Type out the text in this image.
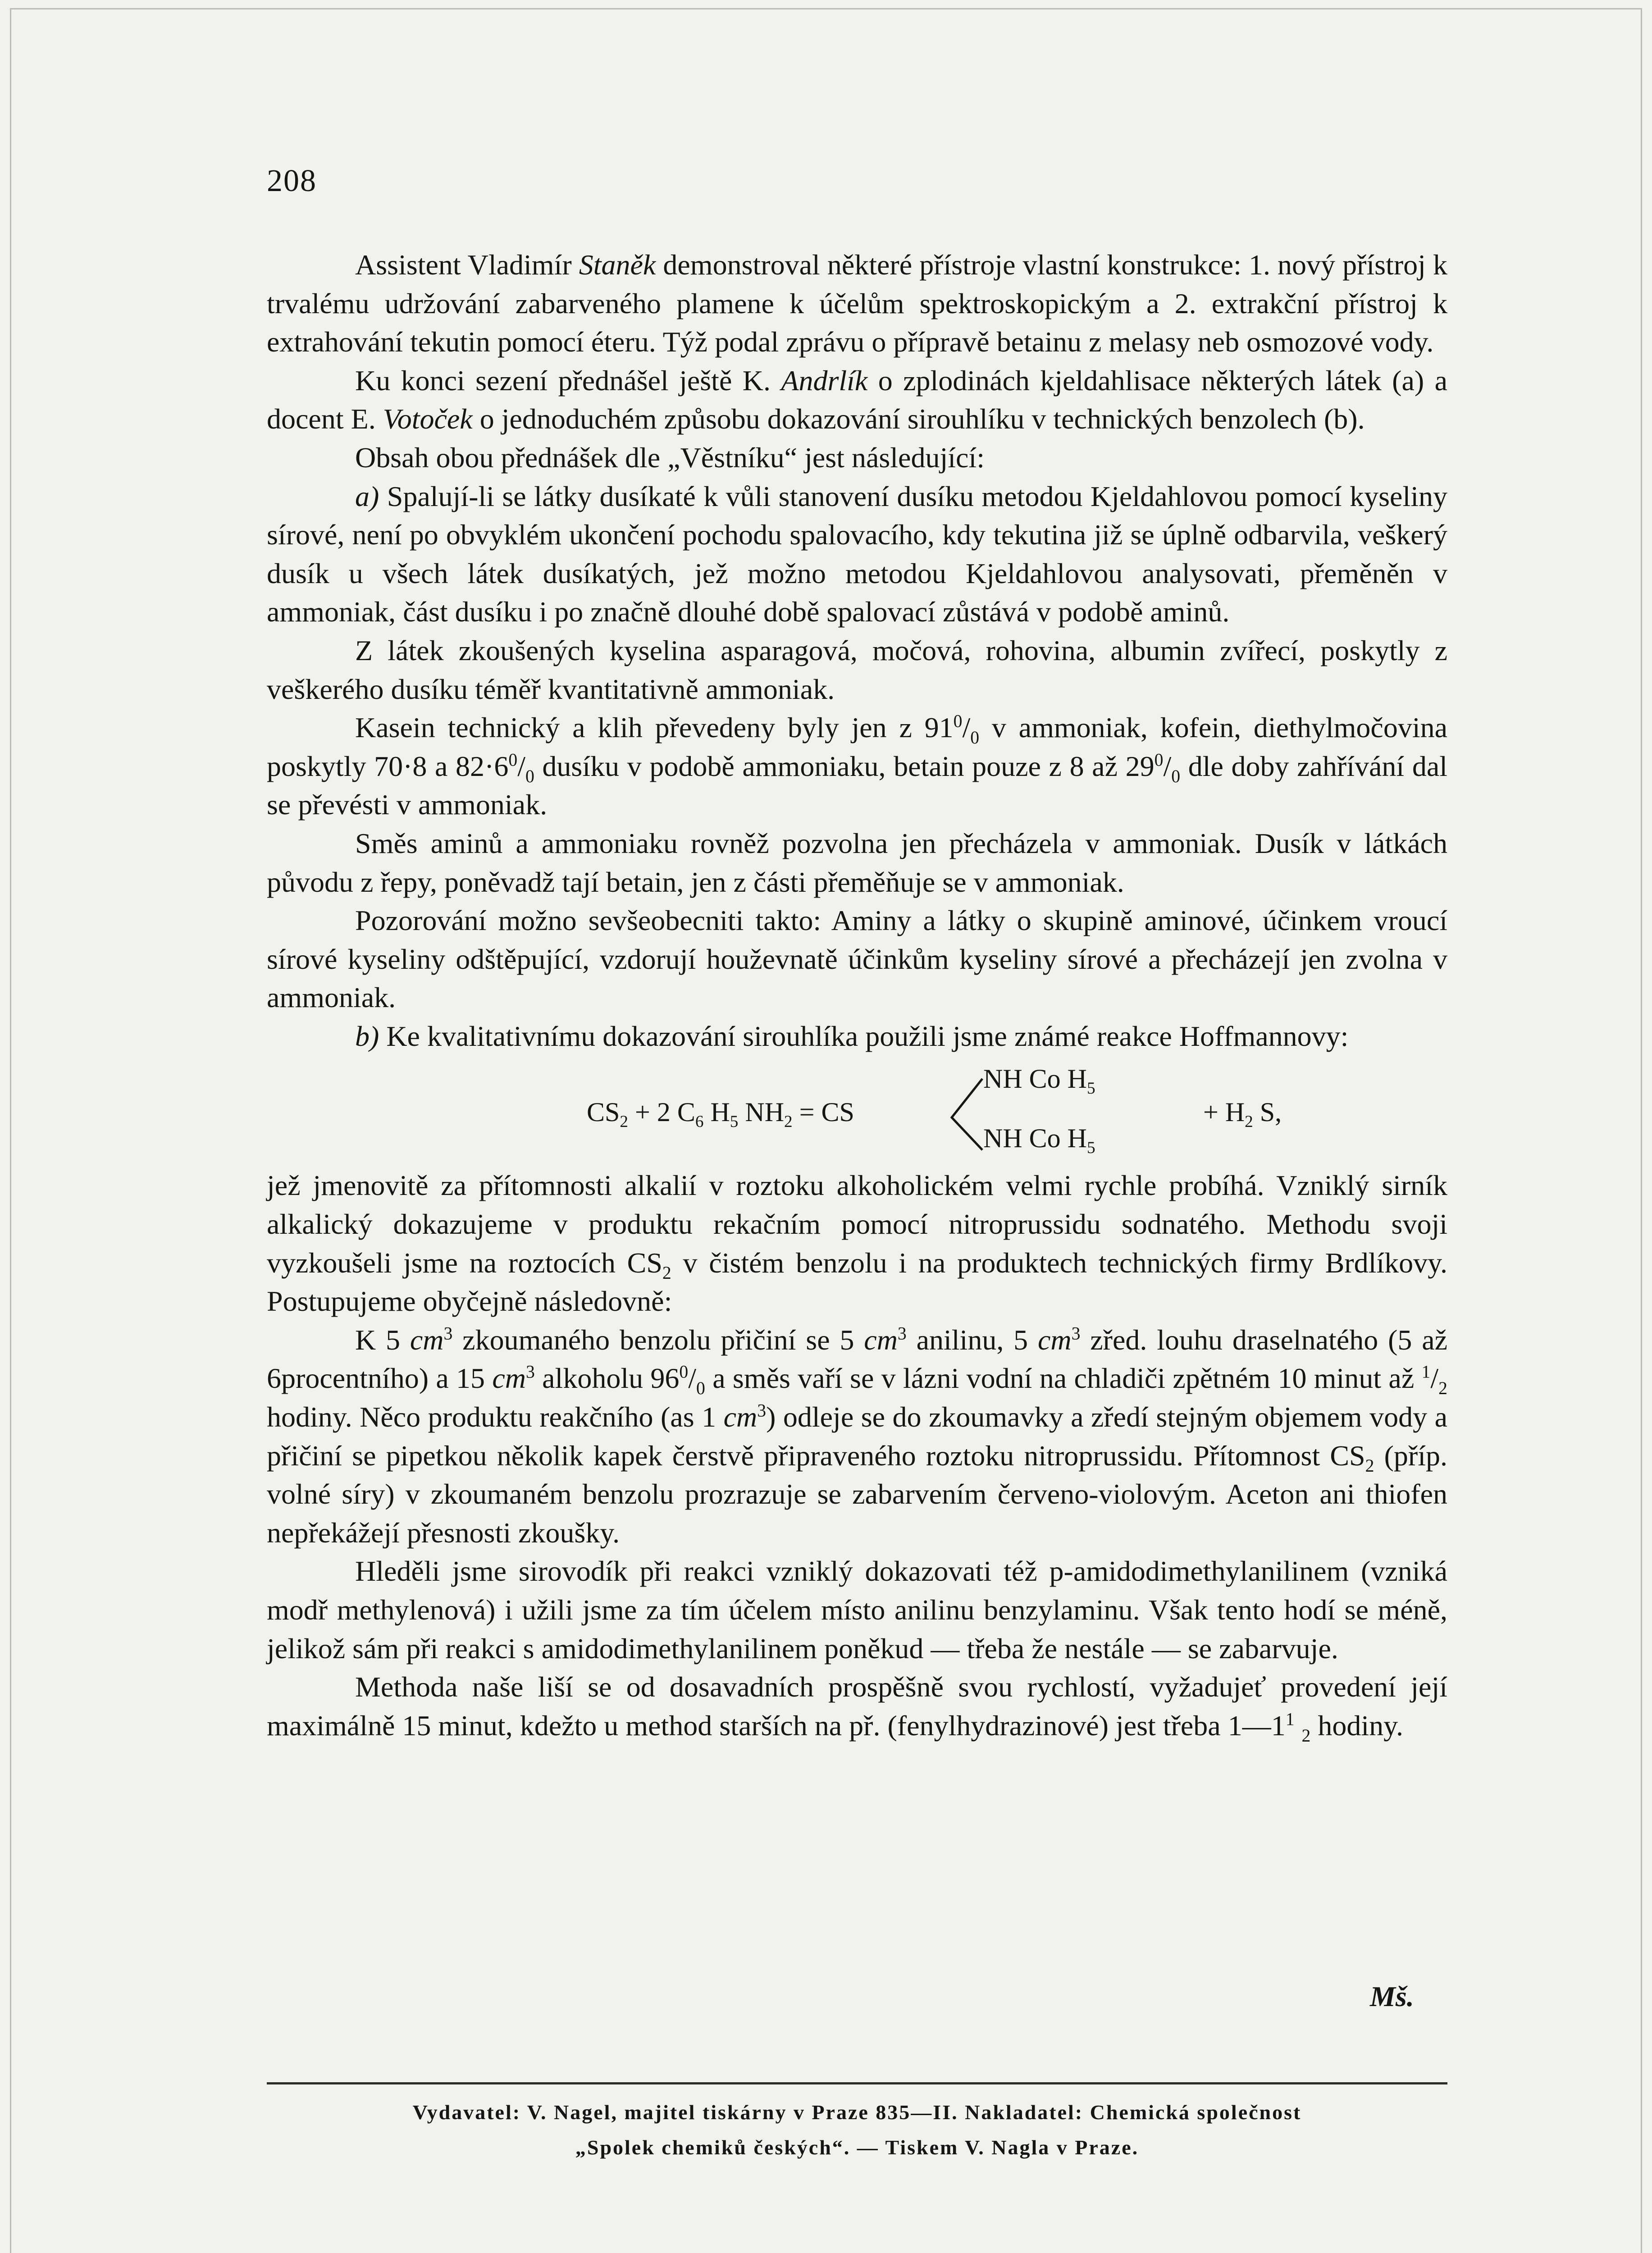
208

Assistent Vladimír Staněk demonstroval některé přístroje vlastní konstrukce: 1. nový přístroj k trvalému udržování zabarveného plamene k účelům spektroskopickým a 2. extrakční přístroj k extrahování tekutin pomocí éteru. Týž podal zprávu o přípravě betainu z melasy neb osmozové vody.

Ku konci sezení přednášel ještě K. Andrlík o zplodinách kjeldahlisace některých látek (a) a docent E. Votoček o jednoduchém způsobu dokazování sirouhlíku v technických benzolech (b).

Obsah obou přednášek dle „Věstníku“ jest následující:

a) Spalují-li se látky dusíkaté k vůli stanovení dusíku metodou Kjeldahlovou pomocí kyseliny sírové, není po obvyklém ukončení pochodu spalovacího, kdy tekutina již se úplně odbarvila, veškerý dusík u všech látek dusíkatých, jež možno metodou Kjeldahlovou analysovati, přeměněn v ammoniak, část dusíku i po značně dlouhé době spalovací zůstává v podobě aminů.

Z látek zkoušených kyselina asparagová, močová, rohovina, albumin zvířecí, poskytly z veškerého dusíku téměř kvantitativně ammoniak.

Kasein technický a klih převedeny byly jen z $91^0/_0$ v ammoniak, kofein, diethylmočovina poskytly 70·8 a $82\cdot 6^0/_0$ dusíku v podobě ammoniaku, betain pouze z 8 až $29^0/_0$ dle doby zahřívání dal se převésti v ammoniak.

Směs aminů a ammoniaku rovněž pozvolna jen přecházela v ammoniak. Dusík v látkách původu z řepy, poněvadž tají betain, jen z části přeměňuje se v ammoniak.

Pozorování možno sevšeobecniti takto: Aminy a látky o skupině aminové, účinkem vroucí sírové kyseliny odštěpující, vzdorují houževnatě účinkům kyseliny sírové a přecházejí jen zvolna v ammoniak.

b) Ke kvalitativnímu dokazování sirouhlíka použili jsme známé reakce Hoffmannovy:

$CS_2 + 2$ $C_6$ $H_5$ $NH_2$ = CS
NH Co $H_5$
NH Co $H_5$
+ $H_2$ S,

jež jmenovitě za přítomnosti alkalií v roztoku alkoholickém velmi rychle probíhá. Vzniklý sirník alkalický dokazujeme v produktu rekačním pomocí nitroprussidu sodnatého. Methodu svoji vyzkoušeli jsme na roztocích $CS_2$ v čistém benzolu i na produktech technických firmy Brdlíkovy. Postupujeme obyčejně následovně:

K 5 $cm^3$ zkoumaného benzolu přičiní se 5 $cm^3$ anilinu, 5 $cm^3$ zřed. louhu draselnatého (5 až 6procentního) a 15 $cm^3$ alkoholu $96^0/_0$ a směs vaří se v lázni vodní na chladiči zpětném 10 minut až $^1/_2$ hodiny. Něco produktu reakčního (as 1 $cm^3$) odleje se do zkoumavky a zředí stejným objemem vody a přičiní se pipetkou několik kapek čerstvě připraveného roztoku nitroprussidu. Přítomnost $CS_2$ (příp. volné síry) v zkoumaném benzolu prozrazuje se zabarvením červeno-violovým. Aceton ani thiofen nepřekážejí přesnosti zkoušky.

Hleděli jsme sirovodík při reakci vzniklý dokazovati též p-amidodimethylanilinem (vzniká modř methylenová) i užili jsme za tím účelem místo anilinu benzylaminu. Však tento hodí se méně, jelikož sám při reakci s amidodimethylanilinem poněkud — třeba že nestále — se zabarvuje.

Methoda naše liší se od dosavadních prospěšně svou rychlostí, vyžadujeť provedení její maximálně 15 minut, kdežto u method starších na př. (fenylhydrazinové) jest třeba $1—1^1$ $_2$ hodiny.

Mš.
Vydavatel: V. Nagel, majitel tiskárny v Praze 835—II. Nakladatel: Chemická společnost
„Spolek chemiků českých“. — Tiskem V. Nagla v Praze.
